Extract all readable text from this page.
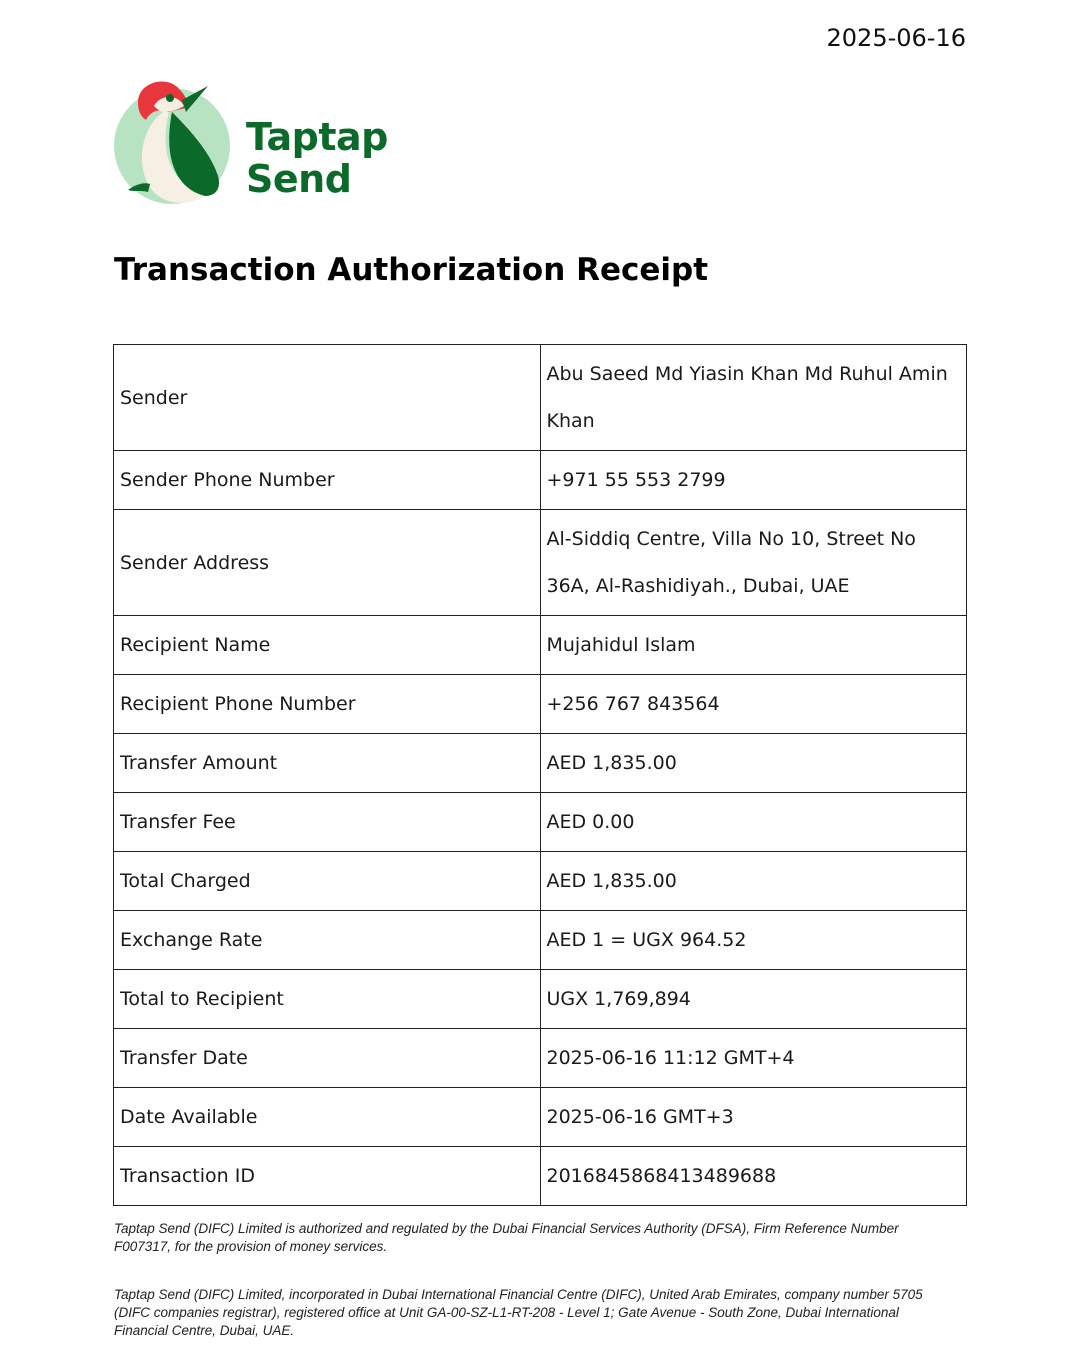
2025-06-16
Taptap
Send
Transaction Authorization Receipt
Sender	Abu Saeed Md Yiasin Khan Md Ruhul Amin Khan
Sender Phone Number	+971 55 553 2799
Sender Address	Al-Siddiq Centre, Villa No 10, Street No 36A, Al-Rashidiyah., Dubai, UAE
Recipient Name	Mujahidul Islam
Recipient Phone Number	+256 767 843564
Transfer Amount	AED 1,835.00
Transfer Fee	AED 0.00
Total Charged	AED 1,835.00
Exchange Rate	AED 1 = UGX 964.52
Total to Recipient	UGX 1,769,894
Transfer Date	2025-06-16 11:12 GMT+4
Date Available	2025-06-16 GMT+3
Transaction ID	2016845868413489688

Taptap Send (DIFC) Limited is authorized and regulated by the Dubai Financial Services Authority (DFSA), Firm Reference Number F007317, for the provision of money services.

Taptap Send (DIFC) Limited, incorporated in Dubai International Financial Centre (DIFC), United Arab Emirates, company number 5705 (DIFC companies registrar), registered office at Unit GA-00-SZ-L1-RT-208 - Level 1; Gate Avenue - South Zone, Dubai International Financial Centre, Dubai, UAE.
